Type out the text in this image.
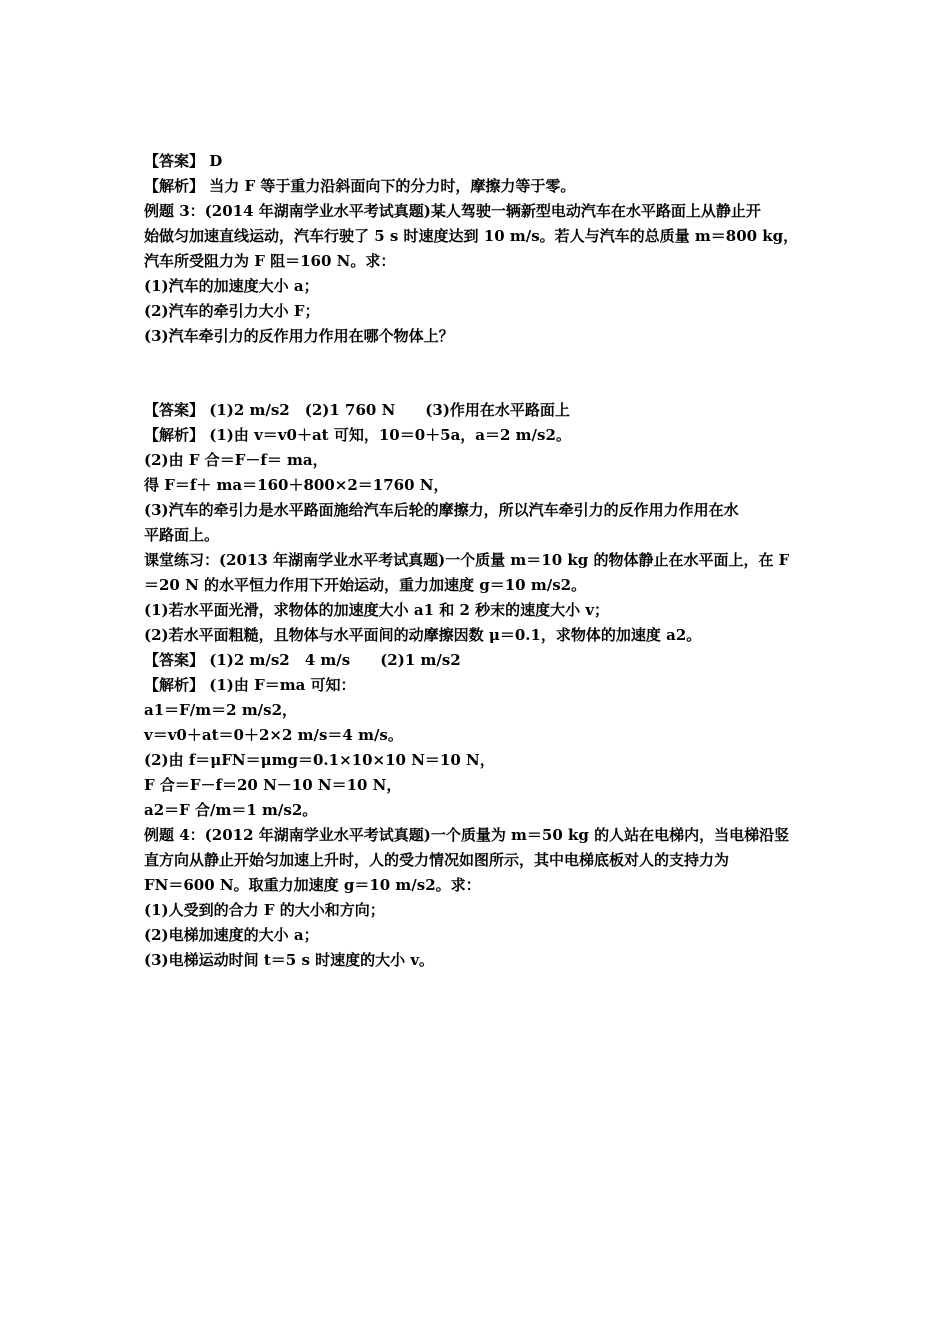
【答案】 D
【解析】 当力 F 等于重力沿斜面向下的分力时，摩擦力等于零。
例题 3：(2014 年湖南学业水平考试真题)某人驾驶一辆新型电动汽车在水平路面上从静止开
始做匀加速直线运动，汽车行驶了 5 s 时速度达到 10 m/s。若人与汽车的总质量 m＝800 kg，
汽车所受阻力为 F 阻＝160 N。求：
(1)汽车的加速度大小 a；
(2)汽车的牵引力大小 F；
(3)汽车牵引力的反作用力作用在哪个物体上？
【答案】 (1)2 m/s2　(2)1 760 N　　(3)作用在水平路面上
【解析】 (1)由 v＝v0＋at 可知，10＝0＋5a，a＝2 m/s2。
(2)由 F 合＝F－f＝ ma，
得 F＝f＋ ma＝160＋800×2＝1760 N，
(3)汽车的牵引力是水平路面施给汽车后轮的摩擦力，所以汽车牵引力的反作用力作用在水
平路面上。
课堂练习：(2013 年湖南学业水平考试真题)一个质量 m＝10 kg 的物体静止在水平面上，在 F
＝20 N 的水平恒力作用下开始运动，重力加速度 g＝10 m/s2。
(1)若水平面光滑，求物体的加速度大小 a1 和 2 秒末的速度大小 v；
(2)若水平面粗糙，且物体与水平面间的动摩擦因数 μ＝0.1，求物体的加速度 a2。
【答案】 (1)2 m/s2　4 m/s　　(2)1 m/s2
【解析】 (1)由 F＝ma 可知：
a1＝F/m＝2 m/s2，
v＝v0＋at＝0＋2×2 m/s＝4 m/s。
(2)由 f＝μFN＝μmg＝0.1×10×10 N＝10 N，
F 合＝F－f＝20 N－10 N＝10 N，
a2＝F 合/m＝1 m/s2。
例题 4：(2012 年湖南学业水平考试真题)一个质量为 m＝50 kg 的人站在电梯内，当电梯沿竖
直方向从静止开始匀加速上升时，人的受力情况如图所示，其中电梯底板对人的支持力为
FN＝600 N。取重力加速度 g＝10 m/s2。求：
(1)人受到的合力 F 的大小和方向；
(2)电梯加速度的大小 a；
(3)电梯运动时间 t＝5 s 时速度的大小 v。
